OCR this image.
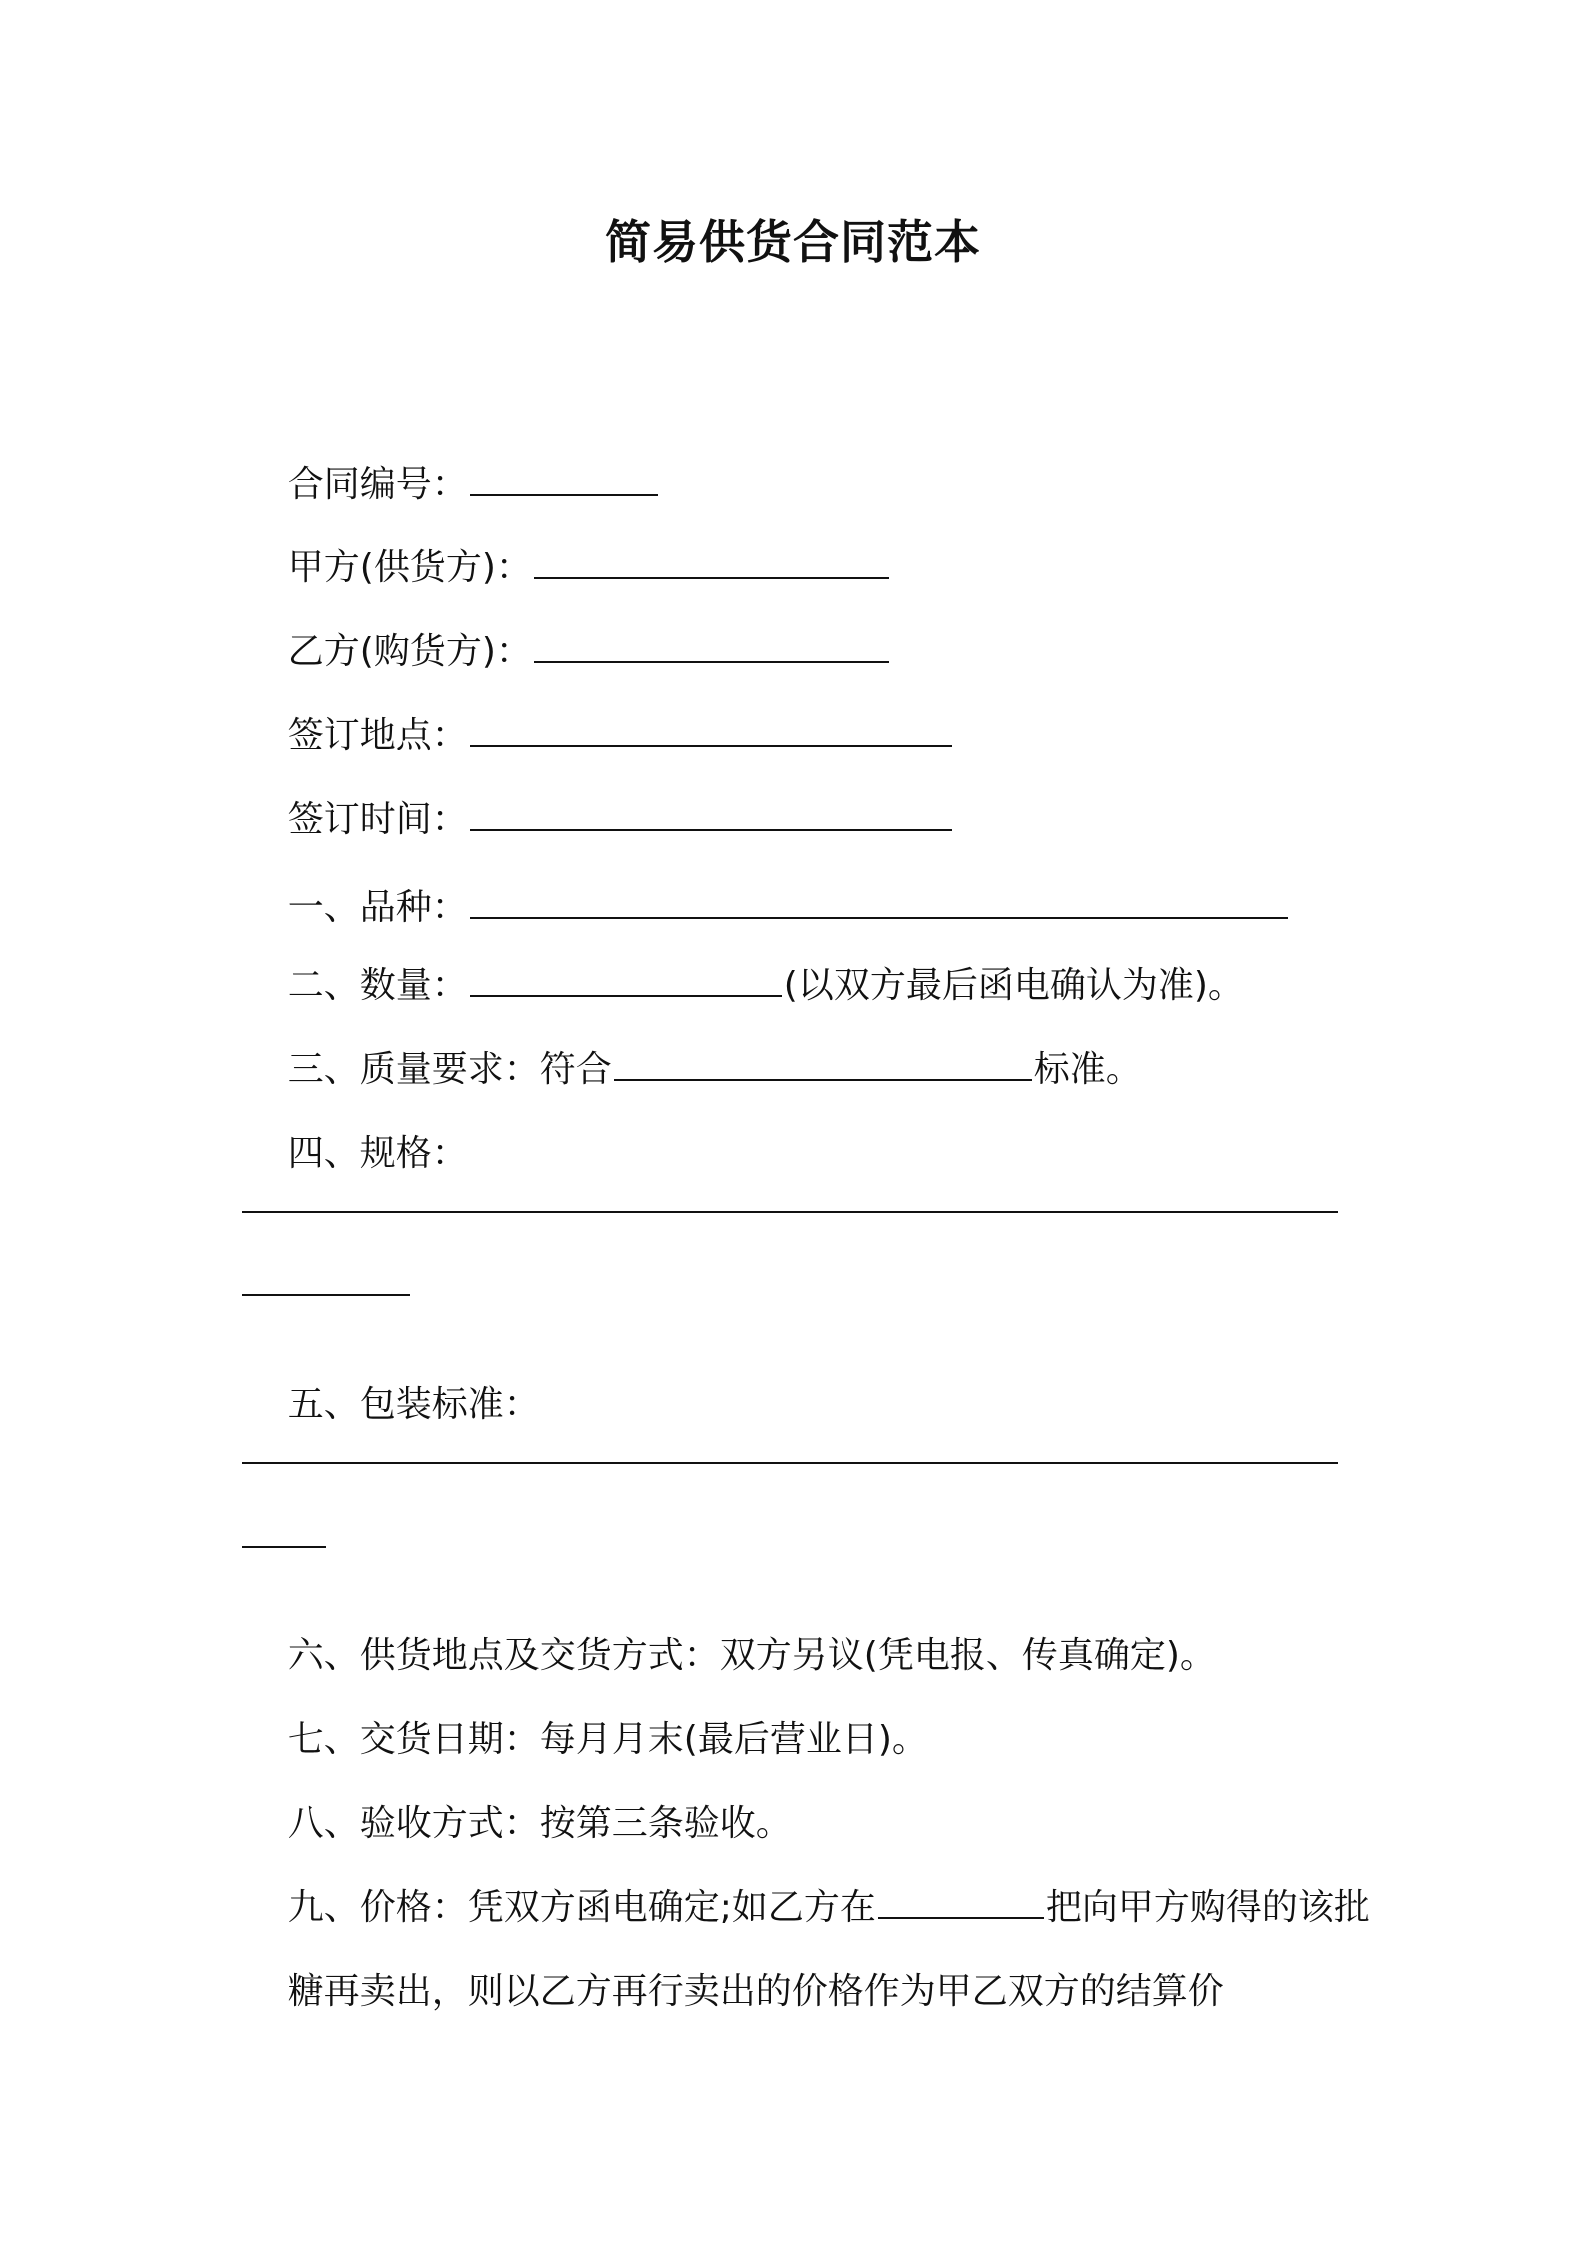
简易供货合同范本

合同编号：

甲方(供货方)：

乙方(购货方)：

签订地点：

签订时间：

一、品种：

二、数量：	(以双方最后函电确认为准)。

三、质量要求：符合	标准。

四、规格：

五、包装标准：

六、供货地点及交货方式：双方另议(凭电报、传真确定)。

七、交货日期：每月月末(最后营业日)。

八、验收方式：按第三条验收。

九、价格：凭双方函电确定;如乙方在	把向甲方购得的该批

糖再卖出，则以乙方再行卖出的价格作为甲乙双方的结算价
